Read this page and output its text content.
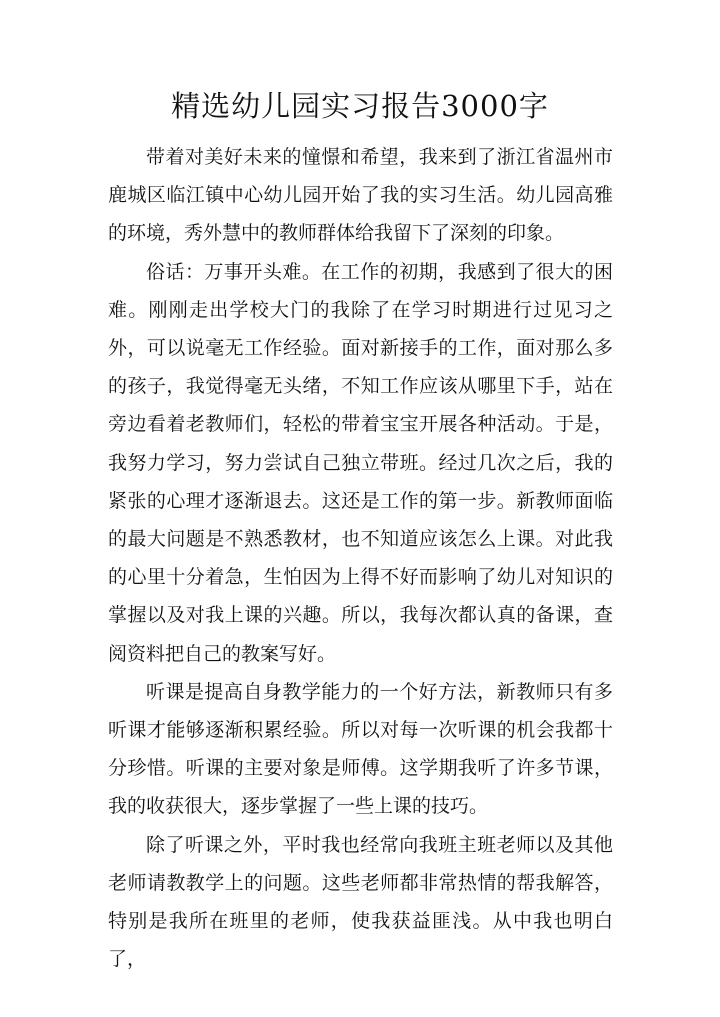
精选幼儿园实习报告3000字

带着对美好未来的憧憬和希望，我来到了浙江省温州市鹿城区临江镇中心幼儿园开始了我的实习生活。幼儿园高雅的环境，秀外慧中的教师群体给我留下了深刻的印象。

俗话：万事开头难。在工作的初期，我感到了很大的困难。刚刚走出学校大门的我除了在学习时期进行过见习之外，可以说毫无工作经验。面对新接手的工作，面对那么多的孩子，我觉得毫无头绪，不知工作应该从哪里下手，站在旁边看着老教师们，轻松的带着宝宝开展各种活动。于是，我努力学习，努力尝试自己独立带班。经过几次之后，我的紧张的心理才逐渐退去。这还是工作的第一步。新教师面临的最大问题是不熟悉教材，也不知道应该怎么上课。对此我的心里十分着急，生怕因为上得不好而影响了幼儿对知识的掌握以及对我上课的兴趣。所以，我每次都认真的备课，查阅资料把自己的教案写好。

听课是提高自身教学能力的一个好方法，新教师只有多听课才能够逐渐积累经验。所以对每一次听课的机会我都十分珍惜。听课的主要对象是师傅。这学期我听了许多节课，我的收获很大，逐步掌握了一些上课的技巧。

除了听课之外，平时我也经常向我班主班老师以及其他老师请教教学上的问题。这些老师都非常热情的帮我解答，特别是我所在班里的老师，使我获益匪浅。从中我也明白了，
